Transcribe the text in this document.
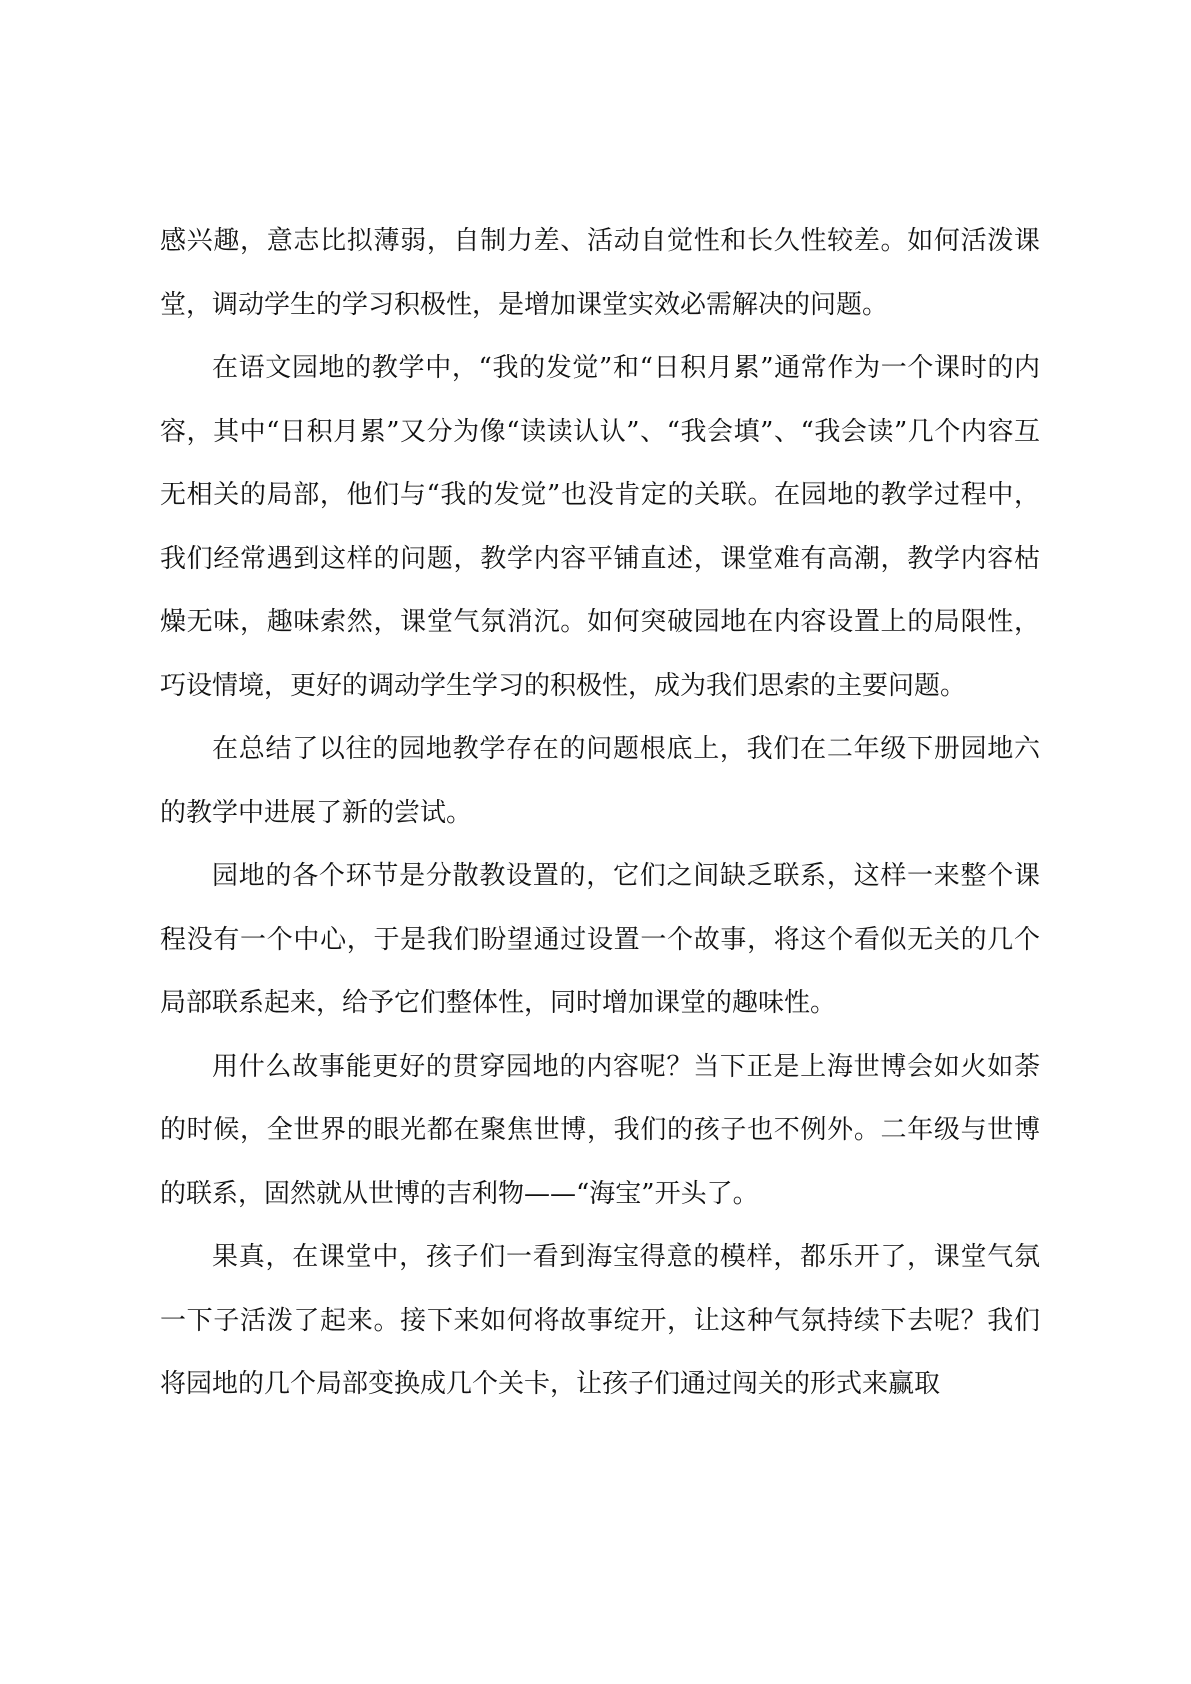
感兴趣，意志比拟薄弱，自制力差、活动自觉性和长久性较差。如何活泼课堂，调动学生的学习积极性，是增加课堂实效必需解决的问题。

在语文园地的教学中，“我的发觉”和“日积月累”通常作为一个课时的内容，其中“日积月累”又分为像“读读认认”、“我会填”、“我会读”几个内容互无相关的局部，他们与“我的发觉”也没肯定的关联。在园地的教学过程中，我们经常遇到这样的问题，教学内容平铺直述，课堂难有高潮，教学内容枯燥无味，趣味索然，课堂气氛消沉。如何突破园地在内容设置上的局限性，巧设情境，更好的调动学生学习的积极性，成为我们思索的主要问题。

在总结了以往的园地教学存在的问题根底上，我们在二年级下册园地六的教学中进展了新的尝试。

园地的各个环节是分散教设置的，它们之间缺乏联系，这样一来整个课程没有一个中心，于是我们盼望通过设置一个故事，将这个看似无关的几个局部联系起来，给予它们整体性，同时增加课堂的趣味性。

用什么故事能更好的贯穿园地的内容呢？当下正是上海世博会如火如荼的时候，全世界的眼光都在聚焦世博，我们的孩子也不例外。二年级与世博的联系，固然就从世博的吉利物——“海宝”开头了。

果真，在课堂中，孩子们一看到海宝得意的模样，都乐开了，课堂气氛一下子活泼了起来。接下来如何将故事绽开，让这种气氛持续下去呢？我们将园地的几个局部变换成几个关卡，让孩子们通过闯关的形式来赢取
